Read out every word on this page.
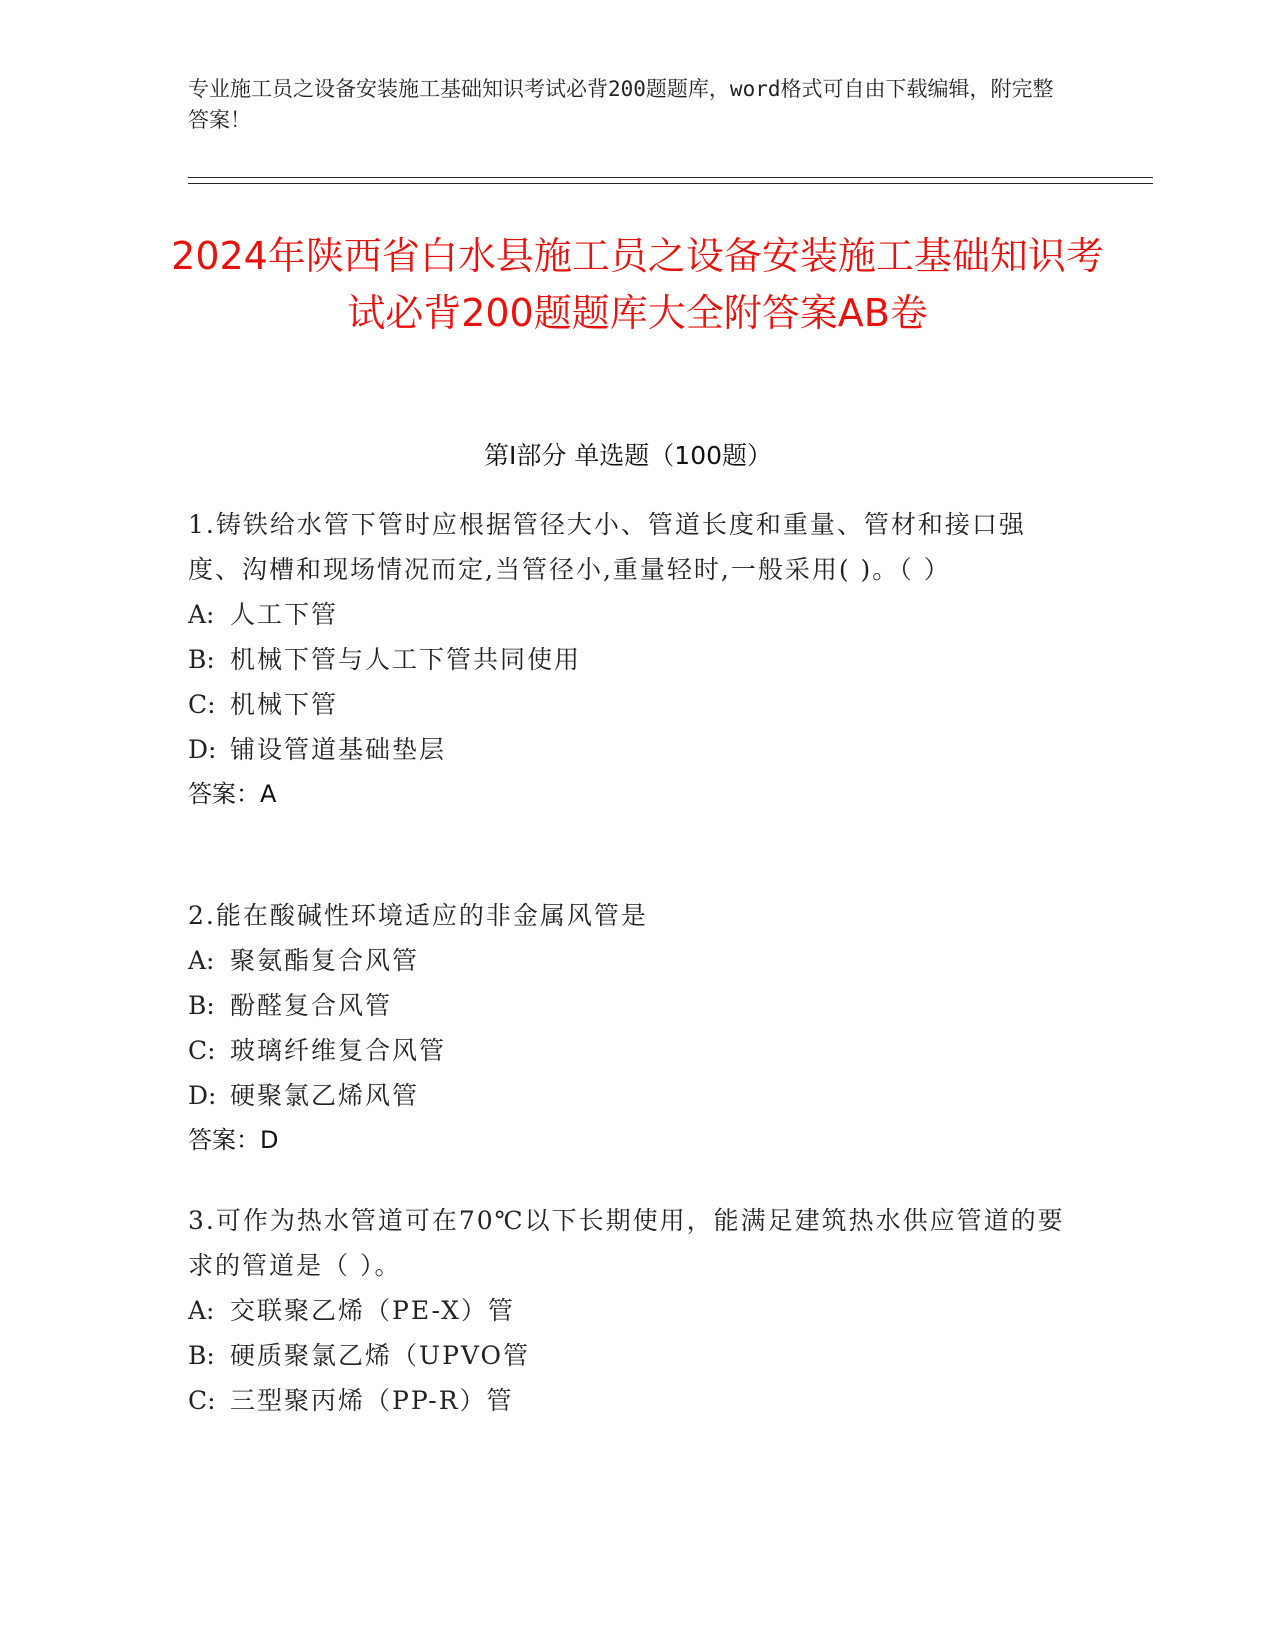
专业施工员之设备安装施工基础知识考试必背200题题库，word格式可自由下载编辑，附完整答案！
2024年陕西省白水县施工员之设备安装施工基础知识考试必背200题题库大全附答案AB卷
第I部分 单选题（100题）
1.铸铁给水管下管时应根据管径大小、管道长度和重量、管材和接口强度、沟槽和现场情况而定,当管径小,重量轻时,一般采用( )。（ ）
A: 人工下管
B: 机械下管与人工下管共同使用
C: 机械下管
D: 铺设管道基础垫层
答案：A
2.能在酸碱性环境适应的非金属风管是
A: 聚氨酯复合风管
B: 酚醛复合风管
C: 玻璃纤维复合风管
D: 硬聚氯乙烯风管
答案：D
3.可作为热水管道可在70℃以下长期使用，能满足建筑热水供应管道的要求的管道是（ ）。
A: 交联聚乙烯（PE-X）管
B: 硬质聚氯乙烯（UPVO管
C: 三型聚丙烯（PP-R）管
